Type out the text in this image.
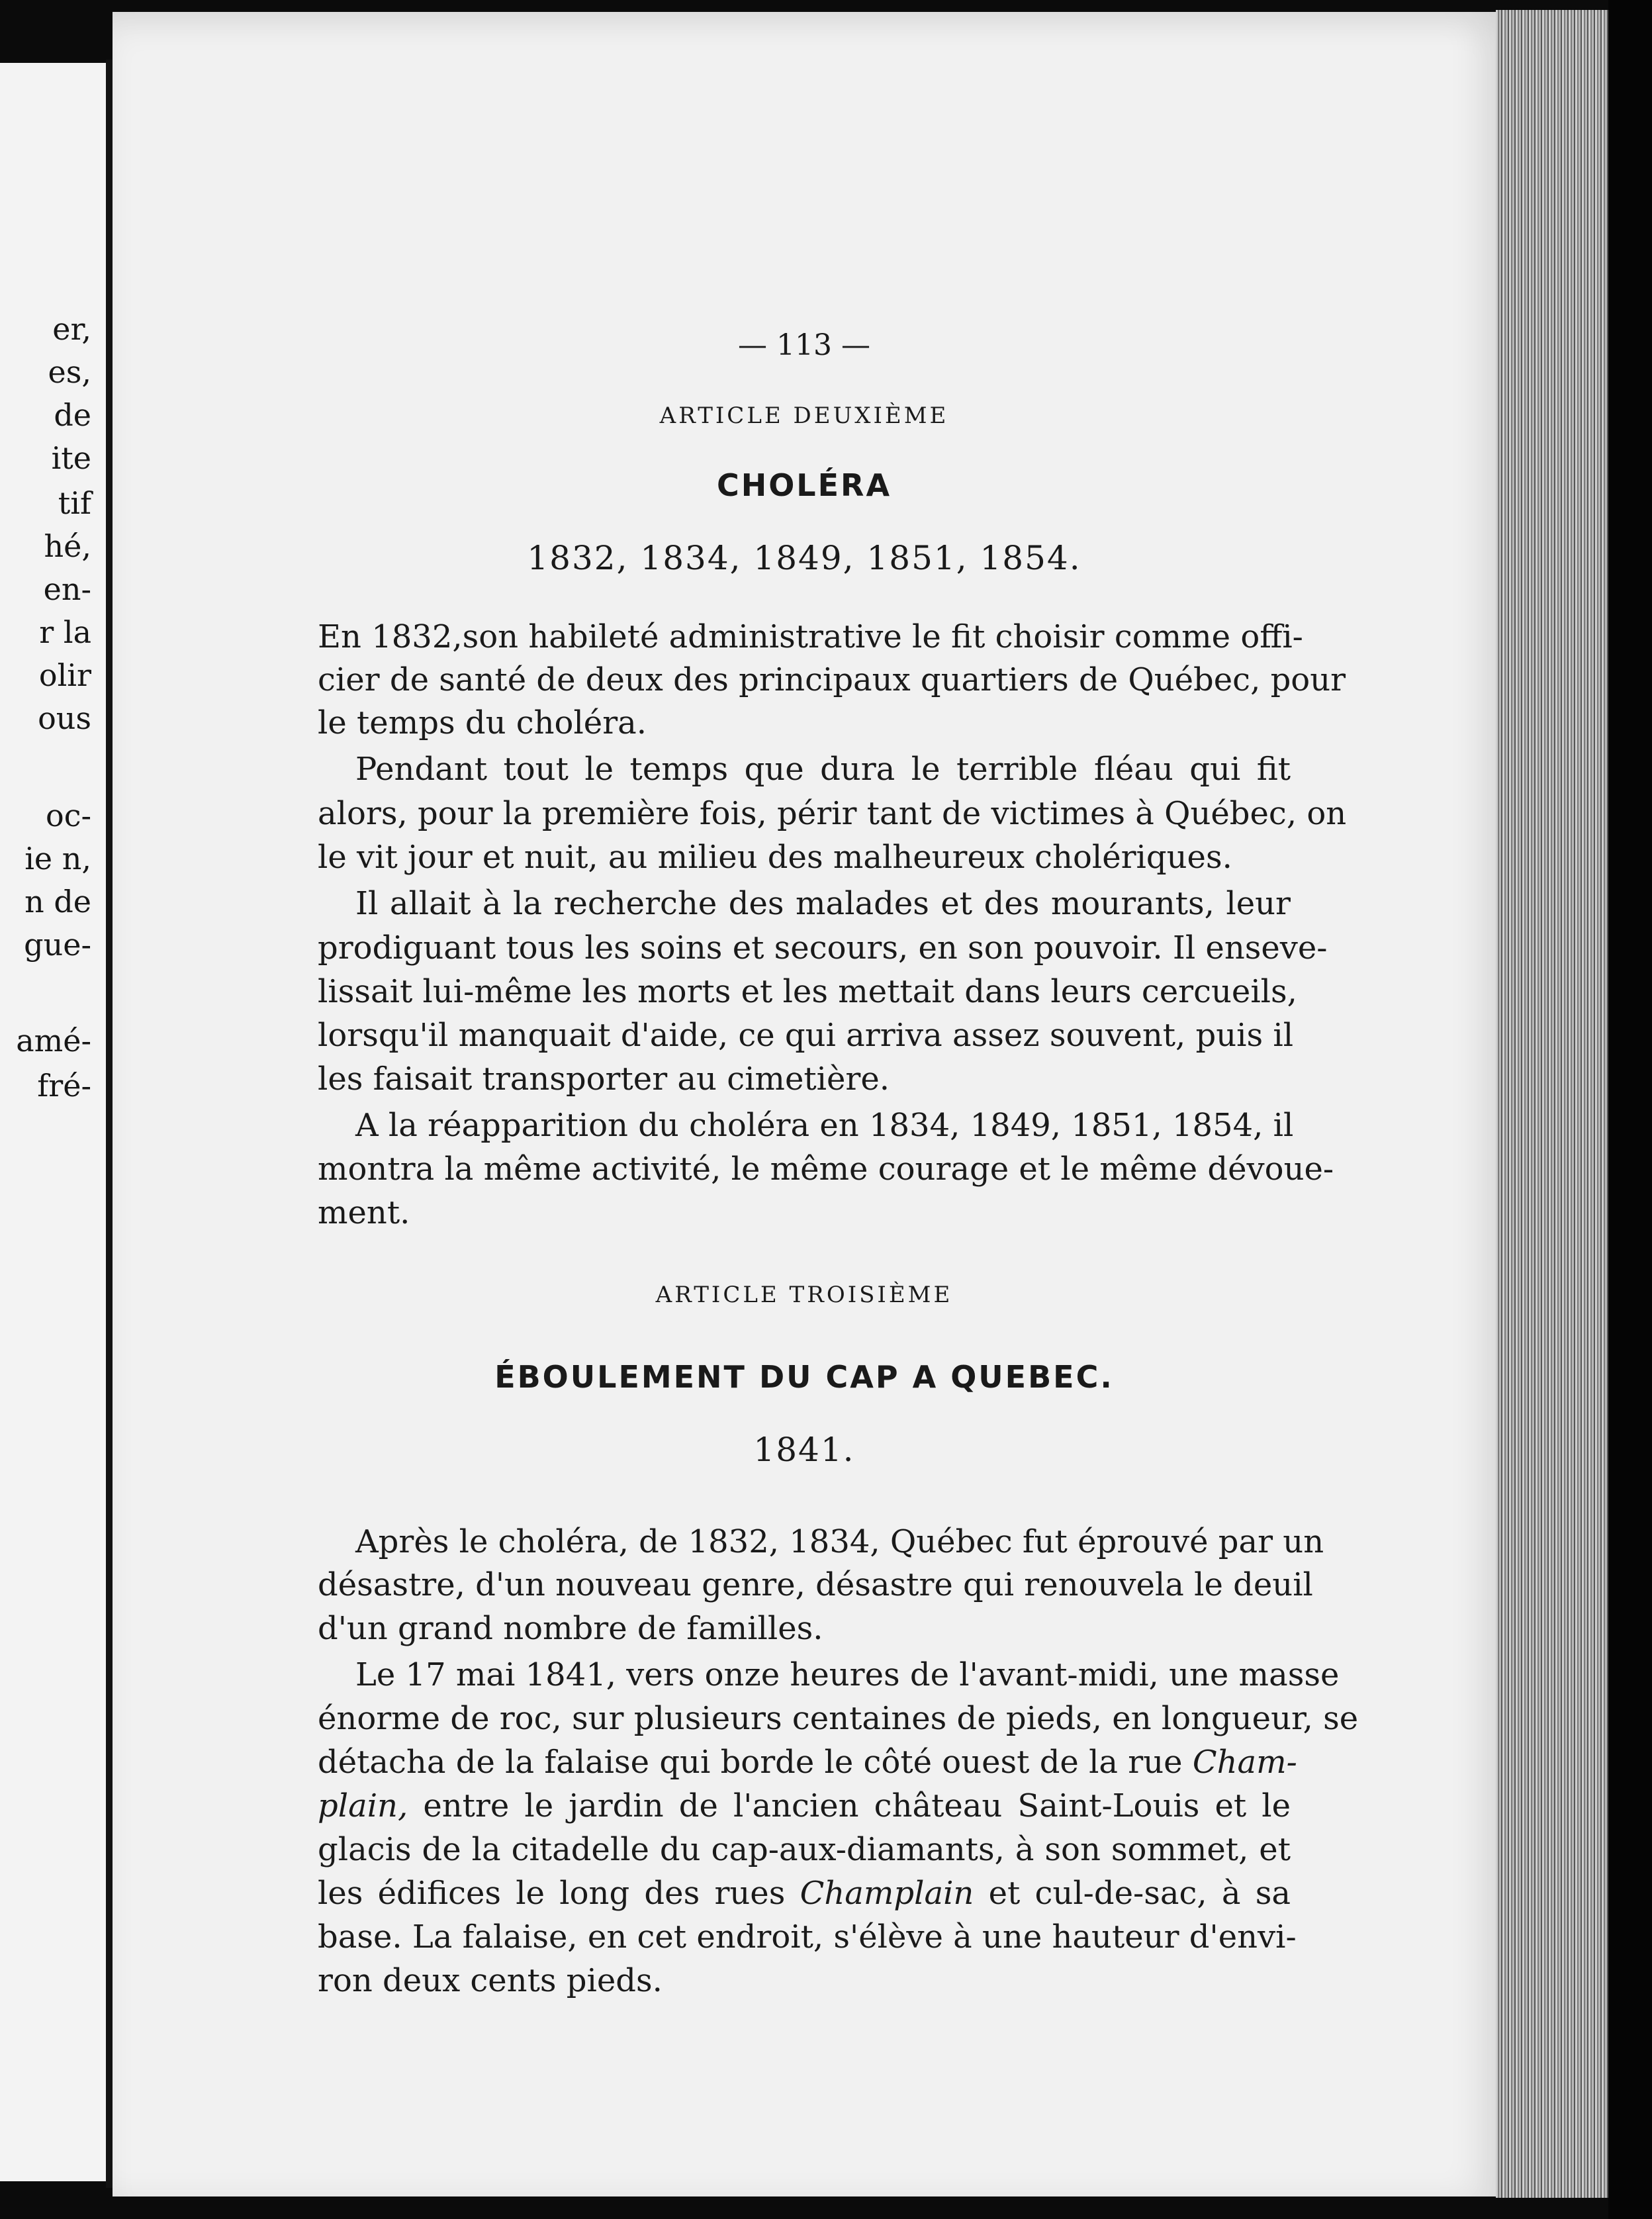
er,
es,
de
ite
tif
hé,
en-
r la
olir
ous
oc-
ie n,
n de
gue-
amé-
fré-
— 113 —
ARTICLE DEUXIÈME
CHOLÉRA
1832, 1834, 1849, 1851, 1854.
En 1832,son habileté administrative le fit choisir comme offi-
cier de santé de deux des principaux quartiers de Québec, pour
le temps du choléra.
Pendant tout le temps que dura le terrible fléau qui fit
alors, pour la première fois, périr tant de victimes à Québec, on
le vit jour et nuit, au milieu des malheureux cholériques.
Il allait à la recherche des malades et des mourants, leur
prodiguant tous les soins et secours, en son pouvoir. Il enseve-
lissait lui-même les morts et les mettait dans leurs cercueils,
lorsqu'il manquait d'aide, ce qui arriva assez souvent, puis il
les faisait transporter au cimetière.
A la réapparition du choléra en 1834, 1849, 1851, 1854, il
montra la même activité, le même courage et le même dévoue-
ment.
ARTICLE TROISIÈME
ÉBOULEMENT DU CAP A QUEBEC.
1841.
Après le choléra, de 1832, 1834, Québec fut éprouvé par un
désastre, d'un nouveau genre, désastre qui renouvela le deuil
d'un grand nombre de familles.
Le 17 mai 1841, vers onze heures de l'avant-midi, une masse
énorme de roc, sur plusieurs centaines de pieds, en longueur, se
détacha de la falaise qui borde le côté ouest de la rue Cham-
plain, entre le jardin de l'ancien château Saint-Louis et le
glacis de la citadelle du cap-aux-diamants, à son sommet, et
les édifices le long des rues Champlain et cul-de-sac, à sa
base. La falaise, en cet endroit, s'élève à une hauteur d'envi-
ron deux cents pieds.
